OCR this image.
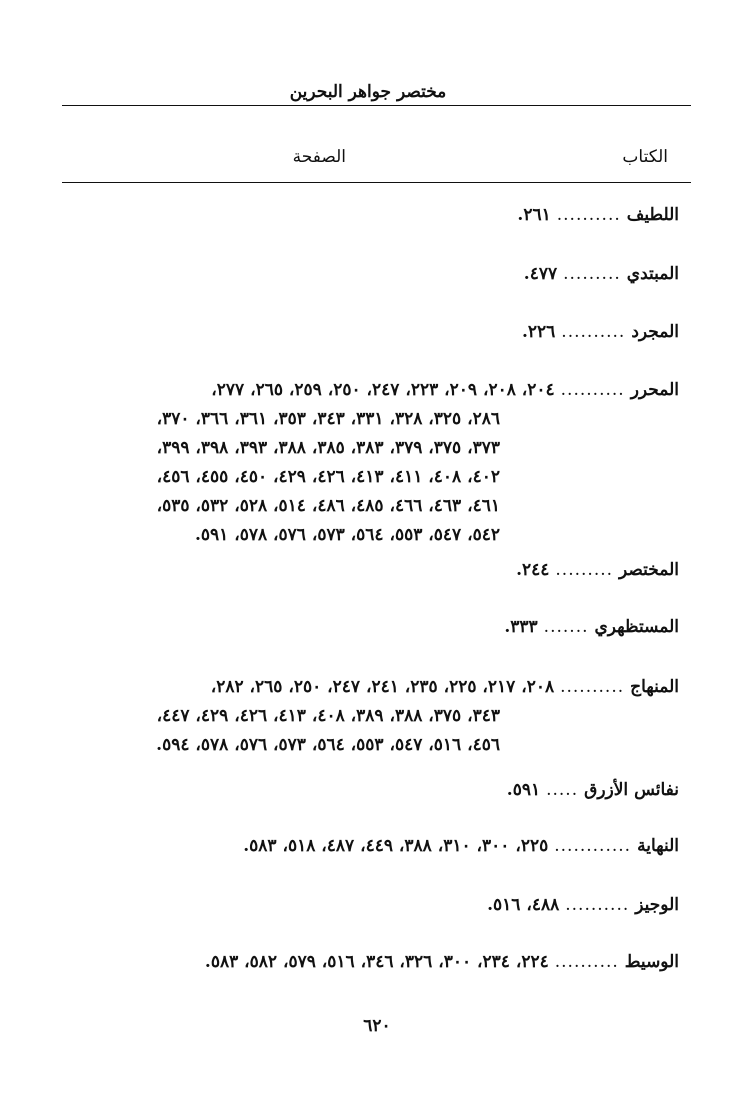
مختصر جواهر البحرين
الكتاب
الصفحة
اللطيف
..........
٢٦١.
المبتدي
.........
٤٧٧.
المجرد
..........
٢٢٦.
المحرر
..........
٢٠٤، ٢٠٨، ٢٠٩، ٢٢٣، ٢٤٧، ٢٥٠، ٢٥٩، ٢٦٥، ٢٧٧،
٢٨٦، ٣٢٥، ٣٢٨، ٣٣١، ٣٤٣، ٣٥٣، ٣٦١، ٣٦٦، ٣٧٠،
٣٧٣، ٣٧٥، ٣٧٩، ٣٨٣، ٣٨٥، ٣٨٨، ٣٩٣، ٣٩٨، ٣٩٩،
٤٠٢، ٤٠٨، ٤١١، ٤١٣، ٤٢٦، ٤٢٩، ٤٥٠، ٤٥٥، ٤٥٦،
٤٦١، ٤٦٣، ٤٦٦، ٤٨٥، ٤٨٦، ٥١٤، ٥٢٨، ٥٣٢، ٥٣٥،
٥٤٢، ٥٤٧، ٥٥٣، ٥٦٤، ٥٧٣، ٥٧٦، ٥٧٨، ٥٩١.
المختصر
.........
٢٤٤.
المستظهري
.......
٣٣٣.
المنهاج
..........
٢٠٨، ٢١٧، ٢٢٥، ٢٣٥، ٢٤١، ٢٤٧، ٢٥٠، ٢٦٥، ٢٨٢،
٣٤٣، ٣٧٥، ٣٨٨، ٣٨٩، ٤٠٨، ٤١٣، ٤٢٦، ٤٢٩، ٤٤٧،
٤٥٦، ٥١٦، ٥٤٧، ٥٥٣، ٥٦٤، ٥٧٣، ٥٧٦، ٥٧٨، ٥٩٤.
نفائس الأزرق
.....
٥٩١.
النهاية
............
٢٢٥، ٣٠٠، ٣١٠، ٣٨٨، ٤٤٩، ٤٨٧، ٥١٨، ٥٨٣.
الوجيز
..........
٤٨٨، ٥١٦.
الوسيط
..........
٢٢٤، ٢٣٤، ٣٠٠، ٣٢٦، ٣٤٦، ٥١٦، ٥٧٩، ٥٨٢، ٥٨٣.
٦٢٠
